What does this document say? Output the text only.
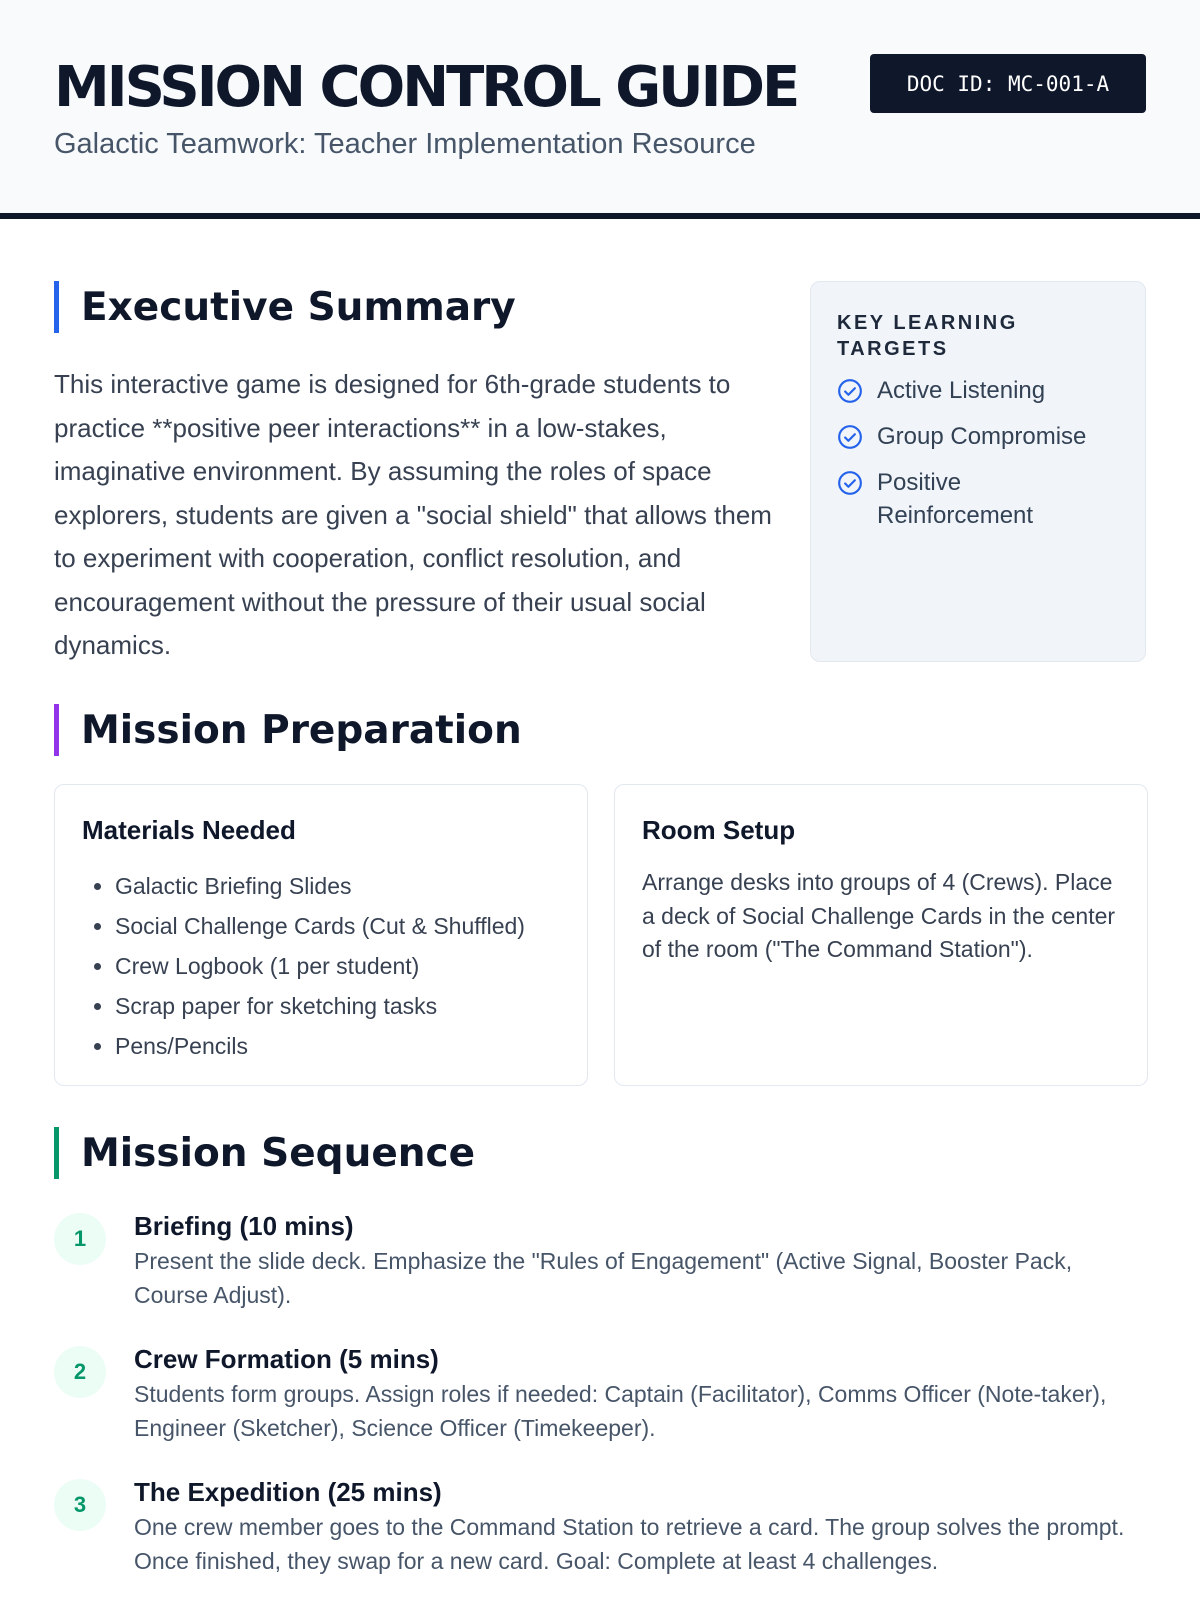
MISSION CONTROL GUIDE
Galactic Teamwork: Teacher Implementation Resource
DOC ID: MC-001-A
Executive Summary

This interactive game is designed for 6th-grade students to practice **positive peer interactions** in a low-stakes, imaginative environment. By assuming the roles of space explorers, students are given a "social shield" that allows them to experiment with cooperation, conflict resolution, and encouragement without the pressure of their usual social dynamics.

KEY LEARNING TARGETS
Active Listening
Group Compromise
Positive Reinforcement
Mission Preparation
Materials Needed
• Galactic Briefing Slides
• Social Challenge Cards (Cut & Shuffled)
• Crew Logbook (1 per student)
• Scrap paper for sketching tasks
• Pens/Pencils
Room Setup

Arrange desks into groups of 4 (Crews). Place a deck of Social Challenge Cards in the center of the room ("The Command Station").

Mission Sequence
1	Briefing (10 mins)

Present the slide deck. Emphasize the "Rules of Engagement" (Active Signal, Booster Pack, Course Adjust).

2	Crew Formation (5 mins)

Students form groups. Assign roles if needed: Captain (Facilitator), Comms Officer (Note-taker), Engineer (Sketcher), Science Officer (Timekeeper).

3	The Expedition (25 mins)

One crew member goes to the Command Station to retrieve a card. The group solves the prompt. Once finished, they swap for a new card. Goal: Complete at least 4 challenges.
